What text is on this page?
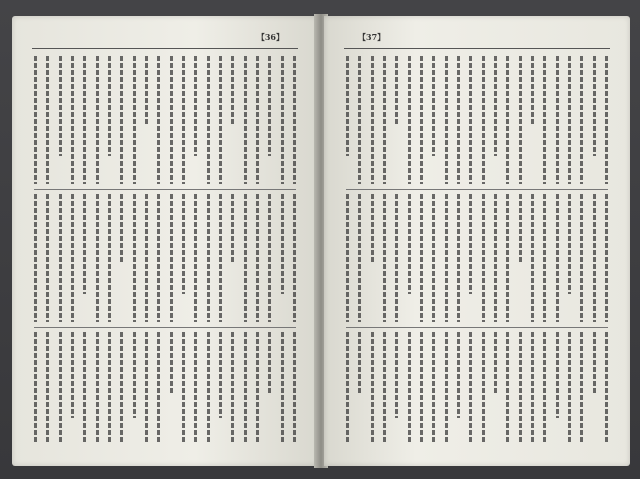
【36】	【37】
